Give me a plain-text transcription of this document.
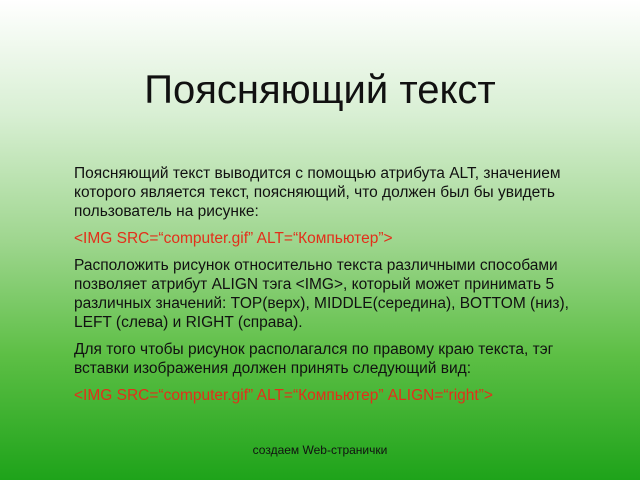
Поясняющий текст

Поясняющий текст выводится с помощью атрибута ALT, значением которого является текст, поясняющий, что должен был бы увидеть пользователь на рисунке:

<IMG SRC=“computer.gif” ALT=“Компьютер”>

Расположить рисунок относительно текста различными способами позволяет атрибут ALIGN тэга <IMG>, который может принимать 5 различных значений: TOP(верх), MIDDLE(середина), BOTTOM (низ), LEFT (слева) и RIGHT (справа).

Для того чтобы рисунок располагался по правому краю текста, тэг вставки изображения должен принять следующий вид:

<IMG SRC=“computer.gif” ALT=“Компьютер” ALIGN=“right”>

создаем Web-странички
